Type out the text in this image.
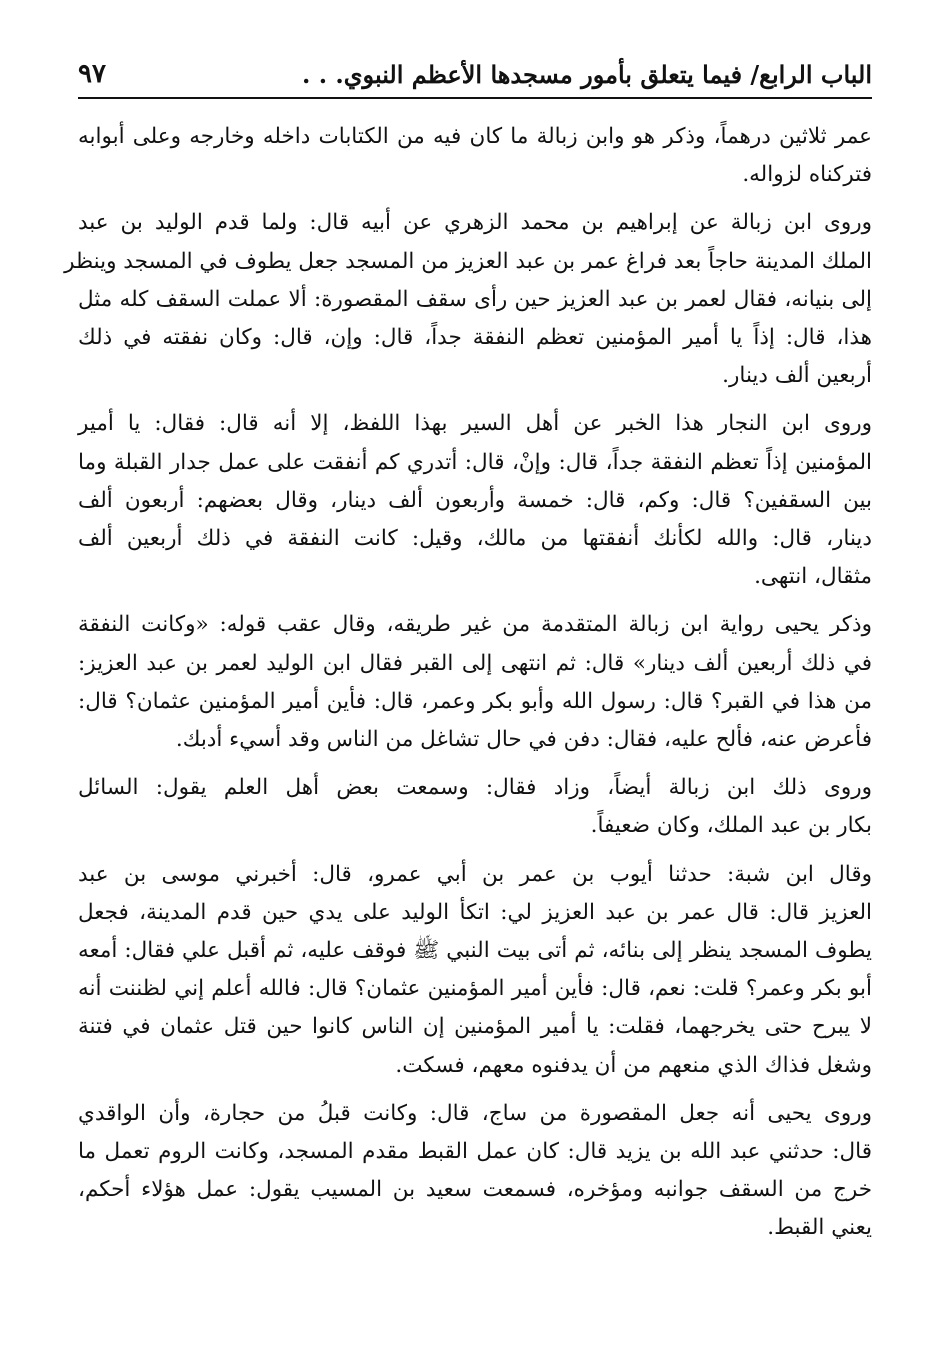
الباب الرابع/ فيما يتعلق بأمور مسجدها الأعظم النبوي. . .
٩٧

عمر ثلاثين درهماً، وذكر هو وابن زبالة ما كان فيه من الكتابات داخله وخارجه وعلى أبوابه
فتركناه لزواله.

وروى ابن زبالة عن إبراهيم بن محمد الزهري عن أبيه قال: ولما قدم الوليد بن عبد
الملك المدينة حاجاً بعد فراغ عمر بن عبد العزيز من المسجد جعل يطوف في المسجد وينظر
إلى بنيانه، فقال لعمر بن عبد العزيز حين رأى سقف المقصورة: ألا عملت السقف كله مثل
هذا، قال: إذاً يا أمير المؤمنين تعظم النفقة جداً، قال: وإن، قال: وكان نفقته في ذلك
أربعين ألف دينار.

وروى ابن النجار هذا الخبر عن أهل السير بهذا اللفظ، إلا أنه قال: فقال: يا أمير
المؤمنين إذاً تعظم النفقة جداً، قال: وإنْ، قال: أتدري كم أنفقت على عمل جدار القبلة وما
بين السقفين؟ قال: وكم، قال: خمسة وأربعون ألف دينار، وقال بعضهم: أربعون ألف
دينار، قال: والله لكأنك أنفقتها من مالك، وقيل: كانت النفقة في ذلك أربعين ألف
مثقال، انتهى.

وذكر يحيى رواية ابن زبالة المتقدمة من غير طريقه، وقال عقب قوله: «وكانت النفقة
في ذلك أربعين ألف دينار» قال: ثم انتهى إلى القبر فقال ابن الوليد لعمر بن عبد العزيز:
من هذا في القبر؟ قال: رسول الله وأبو بكر وعمر، قال: فأين أمير المؤمنين عثمان؟ قال:
فأعرض عنه، فألح عليه، فقال: دفن في حال تشاغل من الناس وقد أسيء أدبك.

وروى ذلك ابن زبالة أيضاً، وزاد فقال: وسمعت بعض أهل العلم يقول: السائل
بكار بن عبد الملك، وكان ضعيفاً.

وقال ابن شبة: حدثنا أيوب بن عمر بن أبي عمرو، قال: أخبرني موسى بن عبد
العزيز قال: قال عمر بن عبد العزيز لي: اتكأ الوليد على يدي حين قدم المدينة، فجعل
يطوف المسجد ينظر إلى بنائه، ثم أتى بيت النبي ﷺ فوقف عليه، ثم أقبل علي فقال: أمعه
أبو بكر وعمر؟ قلت: نعم، قال: فأين أمير المؤمنين عثمان؟ قال: فالله أعلم إني لظننت أنه
لا يبرح حتى يخرجهما، فقلت: يا أمير المؤمنين إن الناس كانوا حين قتل عثمان في فتنة
وشغل فذاك الذي منعهم من أن يدفنوه معهم، فسكت.

وروى يحيى أنه جعل المقصورة من ساج، قال: وكانت قبلُ من حجارة، وأن الواقدي
قال: حدثني عبد الله بن يزيد قال: كان عمل القبط مقدم المسجد، وكانت الروم تعمل ما
خرج من السقف جوانبه ومؤخره، فسمعت سعيد بن المسيب يقول: عمل هؤلاء أحكم،
يعني القبط.
